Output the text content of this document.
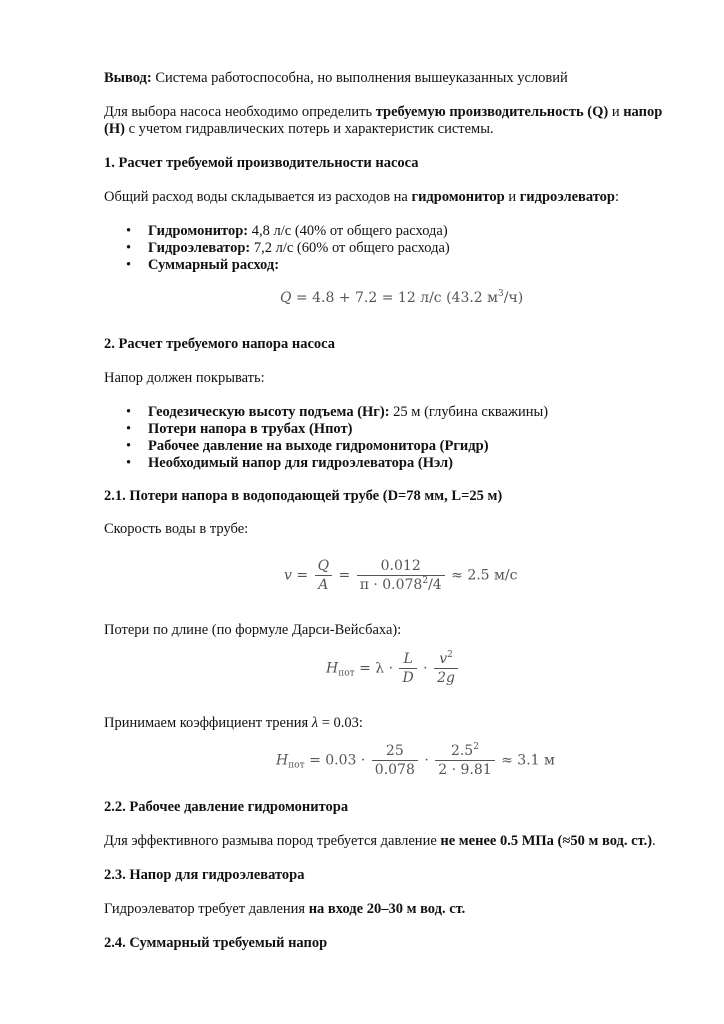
Вывод: Система работоспособна, но выполнения вышеуказанных условий
Для выбора насоса необходимо определить требуемую производительность (Q) и напор
(H) с учетом гидравлических потерь и характеристик системы.
1. Расчет требуемой производительности насоса
Общий расход воды складывается из расходов на гидромонитор и гидроэлеватор:
• Гидромонитор: 4,8 л/с (40% от общего расхода)
• Гидроэлеватор: 7,2 л/с (60% от общего расхода)
• Суммарный расход:
Q = 4.8 + 7.2 = 12 л/с (43.2 $м^3/ч$)
2. Расчет требуемого напора насоса
Напор должен покрывать:
• Геодезическую высоту подъема (Нг): 25 м (глубина скважины)
• Потери напора в трубах (Нпот)
• Рабочее давление на выходе гидромонитора (Ргидр)
• Необходимый напор для гидроэлеватора (Нэл)
2.1. Потери напора в водоподающей трубе (D=78 мм, L=25 м)
Скорость воды в трубе:
$v = \frac{Q}{A} = \frac{0.012}{\pi \cdot 0.078^2/4} \approx 2.5$ м/с
Потери по длине (по формуле Дарси-Вейсбаха):
$H_{пот} = \lambda \cdot \frac{L}{D} \cdot \frac{v^2}{2g}$
Принимаем коэффициент трения λ = 0.03:
$H_{пот} = 0.03 \cdot \frac{25}{0.078} \cdot \frac{2.5^2}{2 \cdot 9.81} \approx 3.1$ м
2.2. Рабочее давление гидромонитора
Для эффективного размыва пород требуется давление не менее 0.5 МПа (≈50 м вод. ст.).
2.3. Напор для гидроэлеватора
Гидроэлеватор требует давления на входе 20–30 м вод. ст.
2.4. Суммарный требуемый напор
